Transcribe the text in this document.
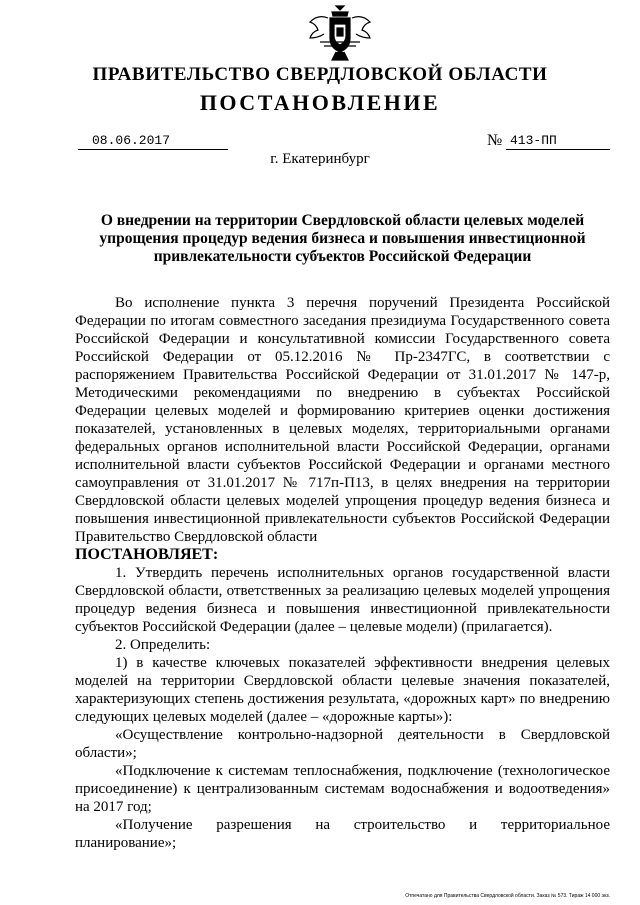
ПРАВИТЕЛЬСТВО СВЕРДЛОВСКОЙ ОБЛАСТИ
ПОСТАНОВЛЕНИЕ
08.06.2017	№ 413-ПП
г. Екатеринбург
О внедрении на территории Свердловской области целевых моделей упрощения процедур ведения бизнеса и повышения инвестиционной привлекательности субъектов Российской Федерации

Во исполнение пункта 3 перечня поручений Президента Российской Федерации по итогам совместного заседания президиума Государственного совета Российской Федерации и консультативной комиссии Государственного совета Российской Федерации от 05.12.2016 № Пр-2347ГС, в соответствии с распоряжением Правительства Российской Федерации от 31.01.2017 № 147-р, Методическими рекомендациями по внедрению в субъектах Российской Федерации целевых моделей и формированию критериев оценки достижения показателей, установленных в целевых моделях, территориальными органами федеральных органов исполнительной власти Российской Федерации, органами исполнительной власти субъектов Российской Федерации и органами местного самоуправления от 31.01.2017 № 717п-П13, в целях внедрения на территории Свердловской области целевых моделей упрощения процедур ведения бизнеса и повышения инвестиционной привлекательности субъектов Российской Федерации Правительство Свердловской области

ПОСТАНОВЛЯЕТ:

1. Утвердить перечень исполнительных органов государственной власти Свердловской области, ответственных за реализацию целевых моделей упрощения процедур ведения бизнеса и повышения инвестиционной привлекательности субъектов Российской Федерации (далее – целевые модели) (прилагается).

2. Определить:

1) в качестве ключевых показателей эффективности внедрения целевых моделей на территории Свердловской области целевые значения показателей, характеризующих степень достижения результата, «дорожных карт» по внедрению следующих целевых моделей (далее – «дорожные карты»):

«Осуществление контрольно-надзорной деятельности в Свердловской области»;

«Подключение к системам теплоснабжения, подключение (технологическое присоединение) к централизованным системам водоснабжения и водоотведения» на 2017 год;

«Получение разрешения на строительство и территориальное планирование»;

Отпечатано для Правительства Свердловской области. Заказ № 573. Тираж 14 000 экз.
